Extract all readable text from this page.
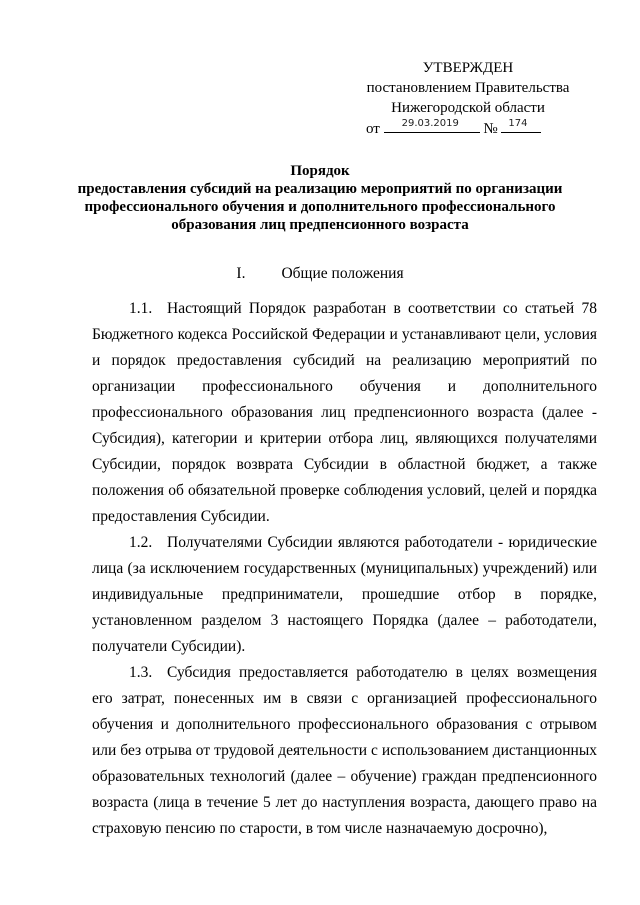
УТВЕРЖДЕН
постановлением Правительства
Нижегородской области
от 29.03.2019 № 174
Порядок
предоставления субсидий на реализацию мероприятий по организации
профессионального обучения и дополнительного профессионального
образования лиц предпенсионного возраста
I. Общие положения

1.1. Настоящий Порядок разработан в соответствии со статьей 78 Бюджетного кодекса Российской Федерации и устанавливают цели, условия и порядок предоставления субсидий на реализацию мероприятий по организации профессионального обучения и дополнительного профессионального образования лиц предпенсионного возраста (далее - Субсидия), категории и критерии отбора лиц, являющихся получателями Субсидии, порядок возврата Субсидии в областной бюджет, а также положения об обязательной проверке соблюдения условий, целей и порядка предоставления Субсидии.

1.2. Получателями Субсидии являются работодатели - юридические лица (за исключением государственных (муниципальных) учреждений) или индивидуальные предприниматели, прошедшие отбор в порядке, установленном разделом 3 настоящего Порядка (далее – работодатели, получатели Субсидии).

1.3. Субсидия предоставляется работодателю в целях возмещения его затрат, понесенных им в связи с организацией профессионального обучения и дополнительного профессионального образования с отрывом или без отрыва от трудовой деятельности с использованием дистанционных образовательных технологий (далее – обучение) граждан предпенсионного возраста (лица в течение 5 лет до наступления возраста, дающего право на страховую пенсию по старости, в том числе назначаемую досрочно),
